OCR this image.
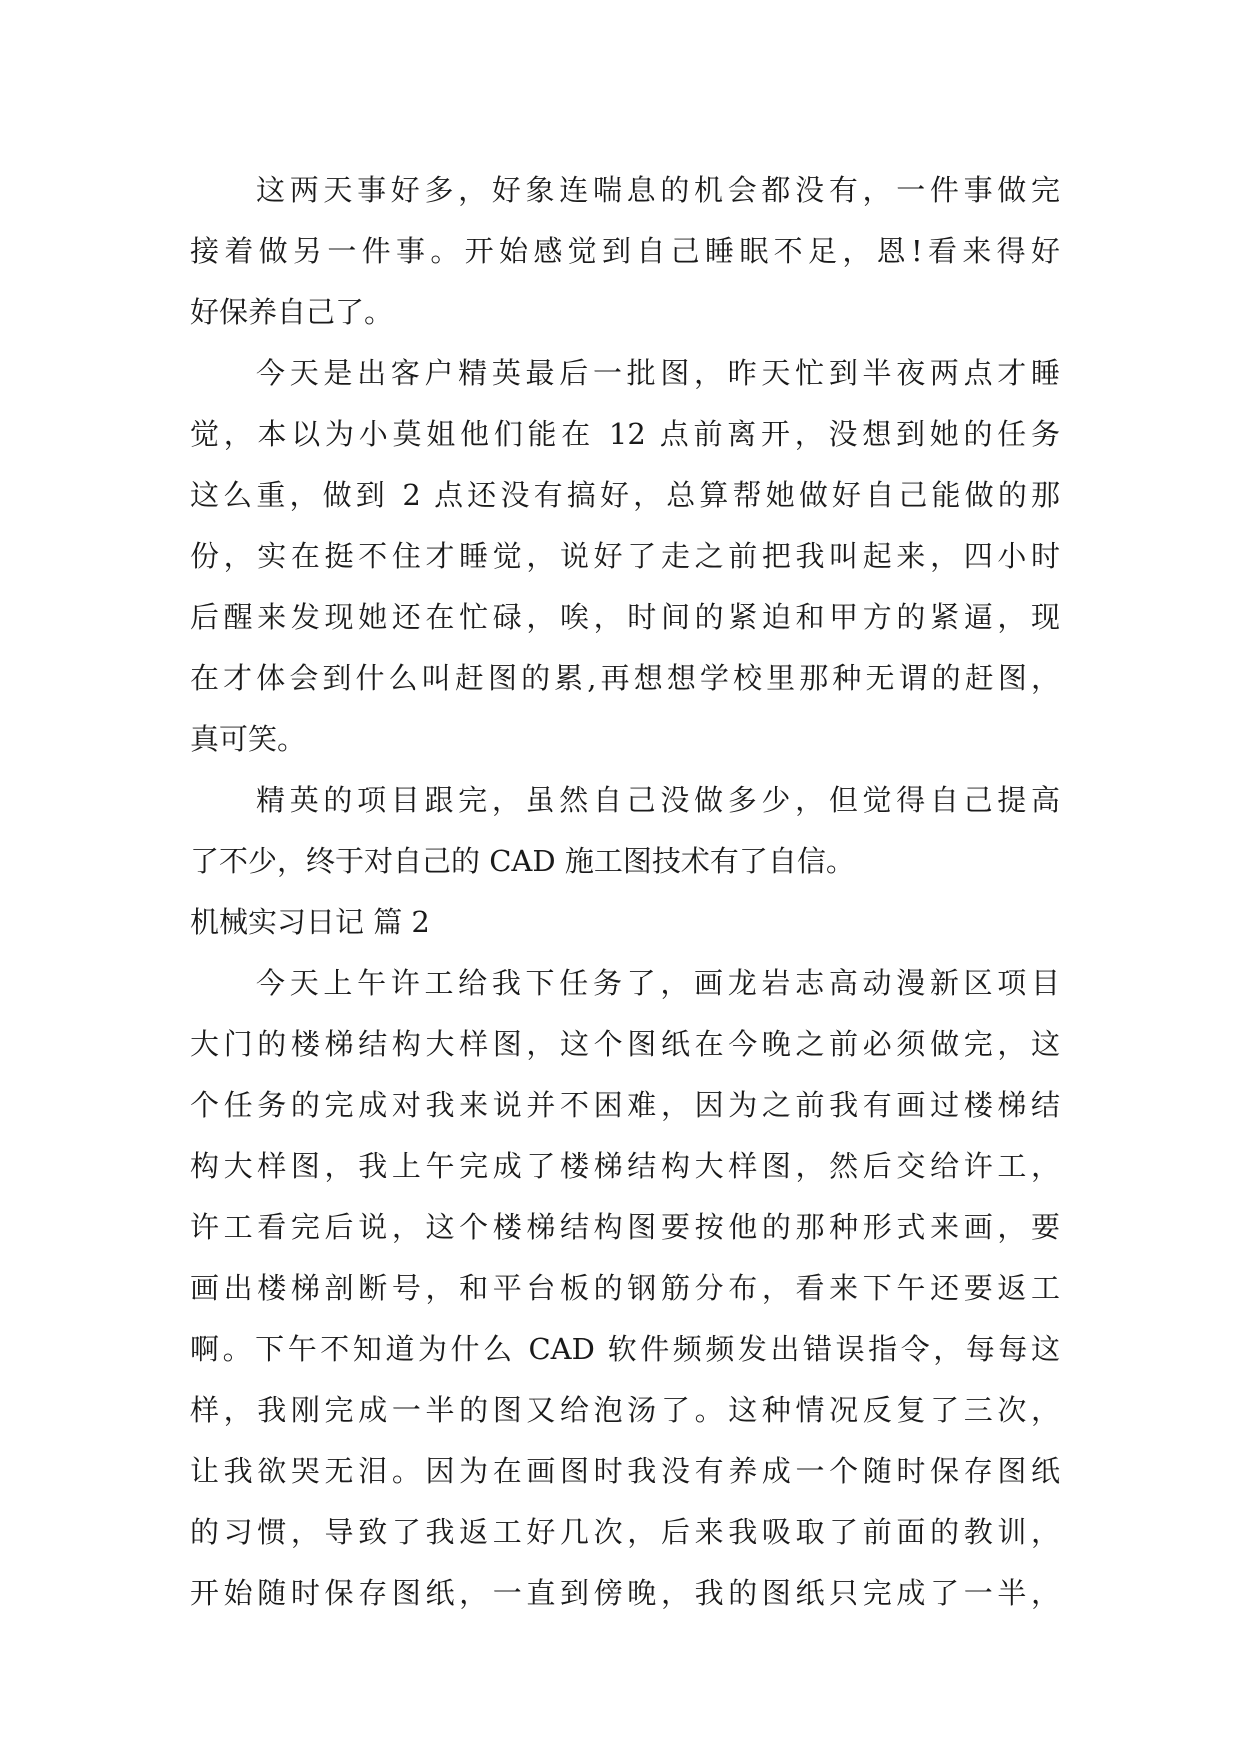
这两天事好多，好象连喘息的机会都没有，一件事做完
接着做另一件事。开始感觉到自己睡眠不足，恩!看来得好
好保养自己了。
今天是出客户精英最后一批图，昨天忙到半夜两点才睡
觉，本以为小莫姐他们能在 12 点前离开，没想到她的任务
这么重，做到 2 点还没有搞好，总算帮她做好自己能做的那
份，实在挺不住才睡觉，说好了走之前把我叫起来，四小时
后醒来发现她还在忙碌，唉，时间的紧迫和甲方的紧逼，现
在才体会到什么叫赶图的累,再想想学校里那种无谓的赶图，
真可笑。
精英的项目跟完，虽然自己没做多少，但觉得自己提高
了不少，终于对自己的 CAD 施工图技术有了自信。
机械实习日记 篇 2
今天上午许工给我下任务了，画龙岩志高动漫新区项目
大门的楼梯结构大样图，这个图纸在今晚之前必须做完，这
个任务的完成对我来说并不困难，因为之前我有画过楼梯结
构大样图，我上午完成了楼梯结构大样图，然后交给许工，
许工看完后说，这个楼梯结构图要按他的那种形式来画，要
画出楼梯剖断号，和平台板的钢筋分布，看来下午还要返工
啊。下午不知道为什么 CAD 软件频频发出错误指令，每每这
样，我刚完成一半的图又给泡汤了。这种情况反复了三次，
让我欲哭无泪。因为在画图时我没有养成一个随时保存图纸
的习惯，导致了我返工好几次，后来我吸取了前面的教训，
开始随时保存图纸，一直到傍晚，我的图纸只完成了一半，
